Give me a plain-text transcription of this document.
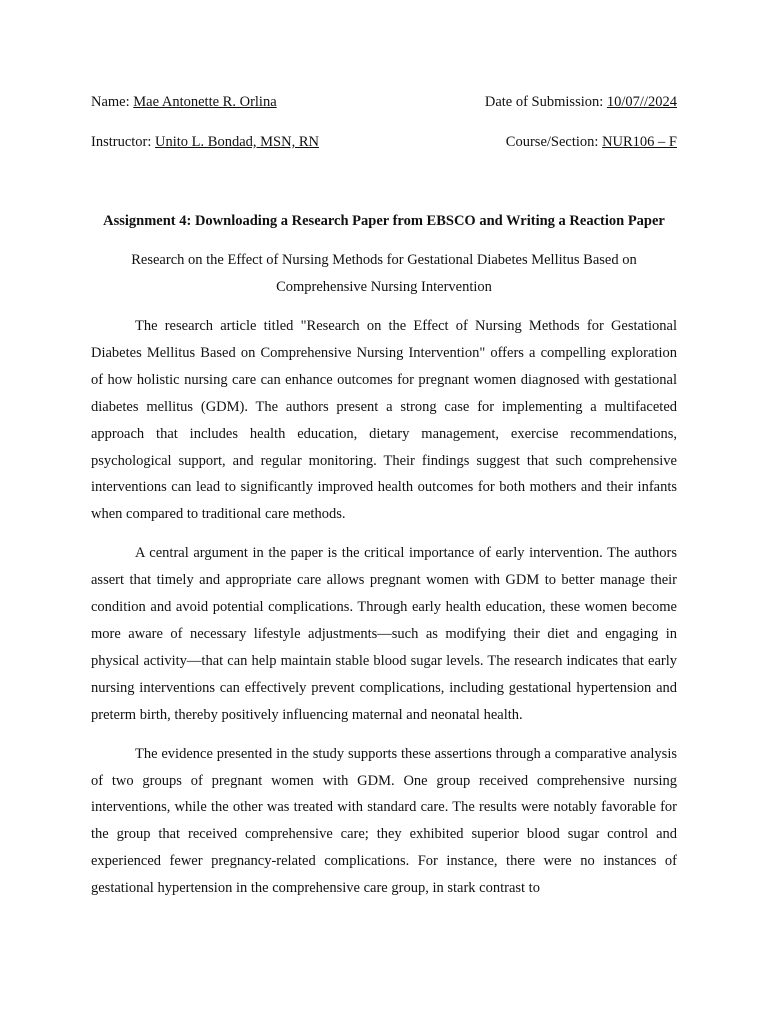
Name: Mae Antonette R. Orlina	Date of Submission: 10/07//2024
Instructor: Unito L. Bondad, MSN, RN	Course/Section: NUR106 – F
Assignment 4: Downloading a Research Paper from EBSCO and Writing a Reaction Paper
Research on the Effect of Nursing Methods for Gestational Diabetes Mellitus Based on
Comprehensive Nursing Intervention

The research article titled "Research on the Effect of Nursing Methods for Gestational Diabetes Mellitus Based on Comprehensive Nursing Intervention" offers a compelling exploration of how holistic nursing care can enhance outcomes for pregnant women diagnosed with gestational diabetes mellitus (GDM). The authors present a strong case for implementing a multifaceted approach that includes health education, dietary management, exercise recommendations, psychological support, and regular monitoring. Their findings suggest that such comprehensive interventions can lead to significantly improved health outcomes for both mothers and their infants when compared to traditional care methods.

A central argument in the paper is the critical importance of early intervention. The authors assert that timely and appropriate care allows pregnant women with GDM to better manage their condition and avoid potential complications. Through early health education, these women become more aware of necessary lifestyle adjustments—such as modifying their diet and engaging in physical activity—that can help maintain stable blood sugar levels. The research indicates that early nursing interventions can effectively prevent complications, including gestational hypertension and preterm birth, thereby positively influencing maternal and neonatal health.

The evidence presented in the study supports these assertions through a comparative analysis of two groups of pregnant women with GDM. One group received comprehensive nursing interventions, while the other was treated with standard care. The results were notably favorable for the group that received comprehensive care; they exhibited superior blood sugar control and experienced fewer pregnancy-related complications. For instance, there were no instances of gestational hypertension in the comprehensive care group, in stark contrast to
